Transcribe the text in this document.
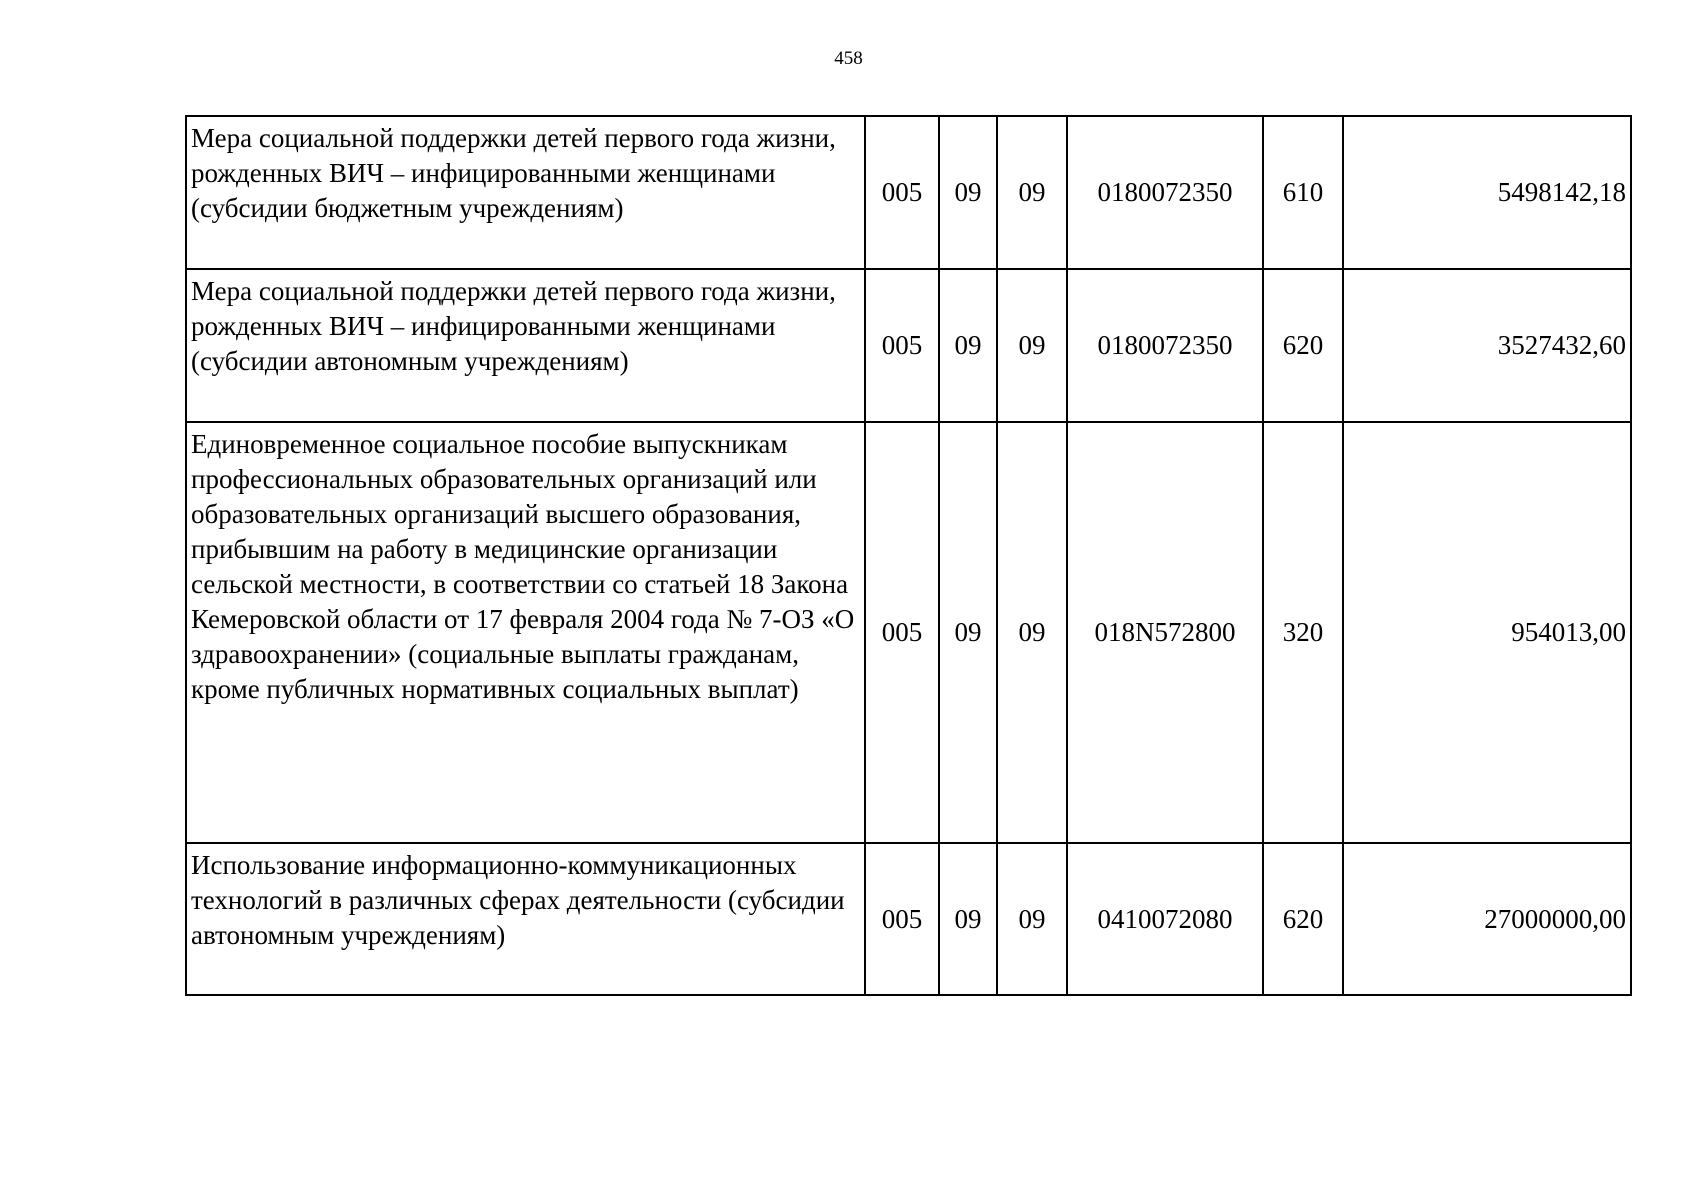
458
Мера социальной поддержки детей первого года жизни, рожденных ВИЧ – инфицированными женщинами (субсидии бюджетным учреждениям)	005	09	09	0180072350	610	5498142,18
Мера социальной поддержки детей первого года жизни, рожденных ВИЧ – инфицированными женщинами (субсидии автономным учреждениям)	005	09	09	0180072350	620	3527432,60
Единовременное социальное пособие выпускникам профессиональных образовательных организаций или образовательных организаций высшего образования, прибывшим на работу в медицинские организации сельской местности, в соответствии со статьей 18 Закона Кемеровской области от 17 февраля 2004 года № 7-ОЗ «О здравоохранении» (социальные выплаты гражданам, кроме публичных нормативных социальных выплат)	005	09	09	018N572800	320	954013,00
Использование информационно-коммуникационных технологий в различных сферах деятельности (субсидии автономным учреждениям)	005	09	09	0410072080	620	27000000,00
